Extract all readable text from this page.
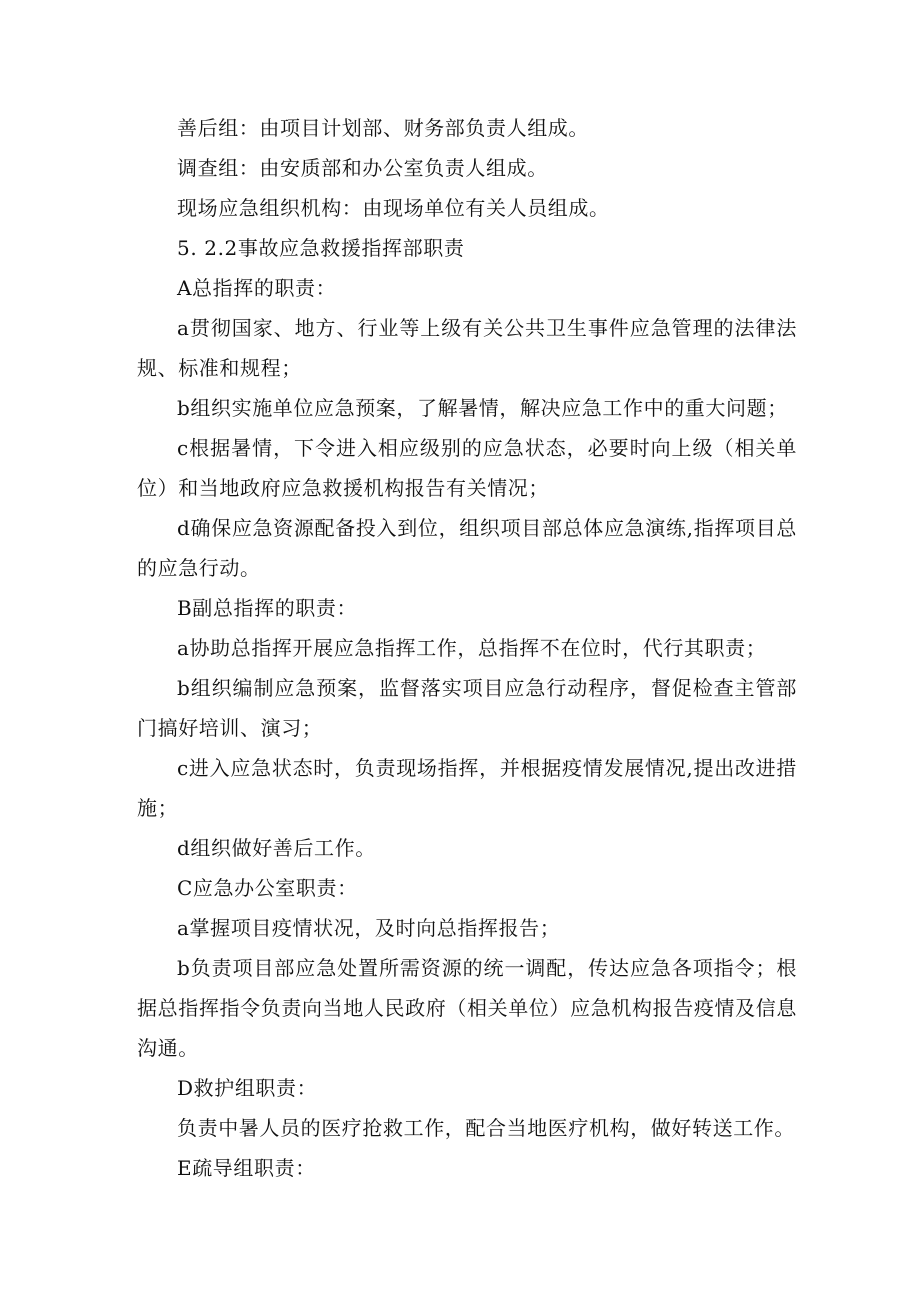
善后组：由项目计划部、财务部负责人组成。

调查组：由安质部和办公室负责人组成。

现场应急组织机构：由现场单位有关人员组成。

5. 2.2事故应急救援指挥部职责

A总指挥的职责：

a贯彻国家、地方、行业等上级有关公共卫生事件应急管理的法律法规、标准和规程；

b组织实施单位应急预案，了解暑情，解决应急工作中的重大问题；

c根据暑情，下令进入相应级别的应急状态，必要时向上级（相关单位）和当地政府应急救援机构报告有关情况；

d确保应急资源配备投入到位，组织项目部总体应急演练,指挥项目总的应急行动。

B副总指挥的职责：

a协助总指挥开展应急指挥工作，总指挥不在位时，代行其职责；

b组织编制应急预案，监督落实项目应急行动程序，督促检查主管部门搞好培训、演习；

c进入应急状态时，负责现场指挥，并根据疫情发展情况,提出改进措施；

d组织做好善后工作。

C应急办公室职责：

a掌握项目疫情状况，及时向总指挥报告；

b负责项目部应急处置所需资源的统一调配，传达应急各项指令；根据总指挥指令负责向当地人民政府（相关单位）应急机构报告疫情及信息沟通。

D救护组职责：

负责中暑人员的医疗抢救工作，配合当地医疗机构，做好转送工作。

E疏导组职责：
